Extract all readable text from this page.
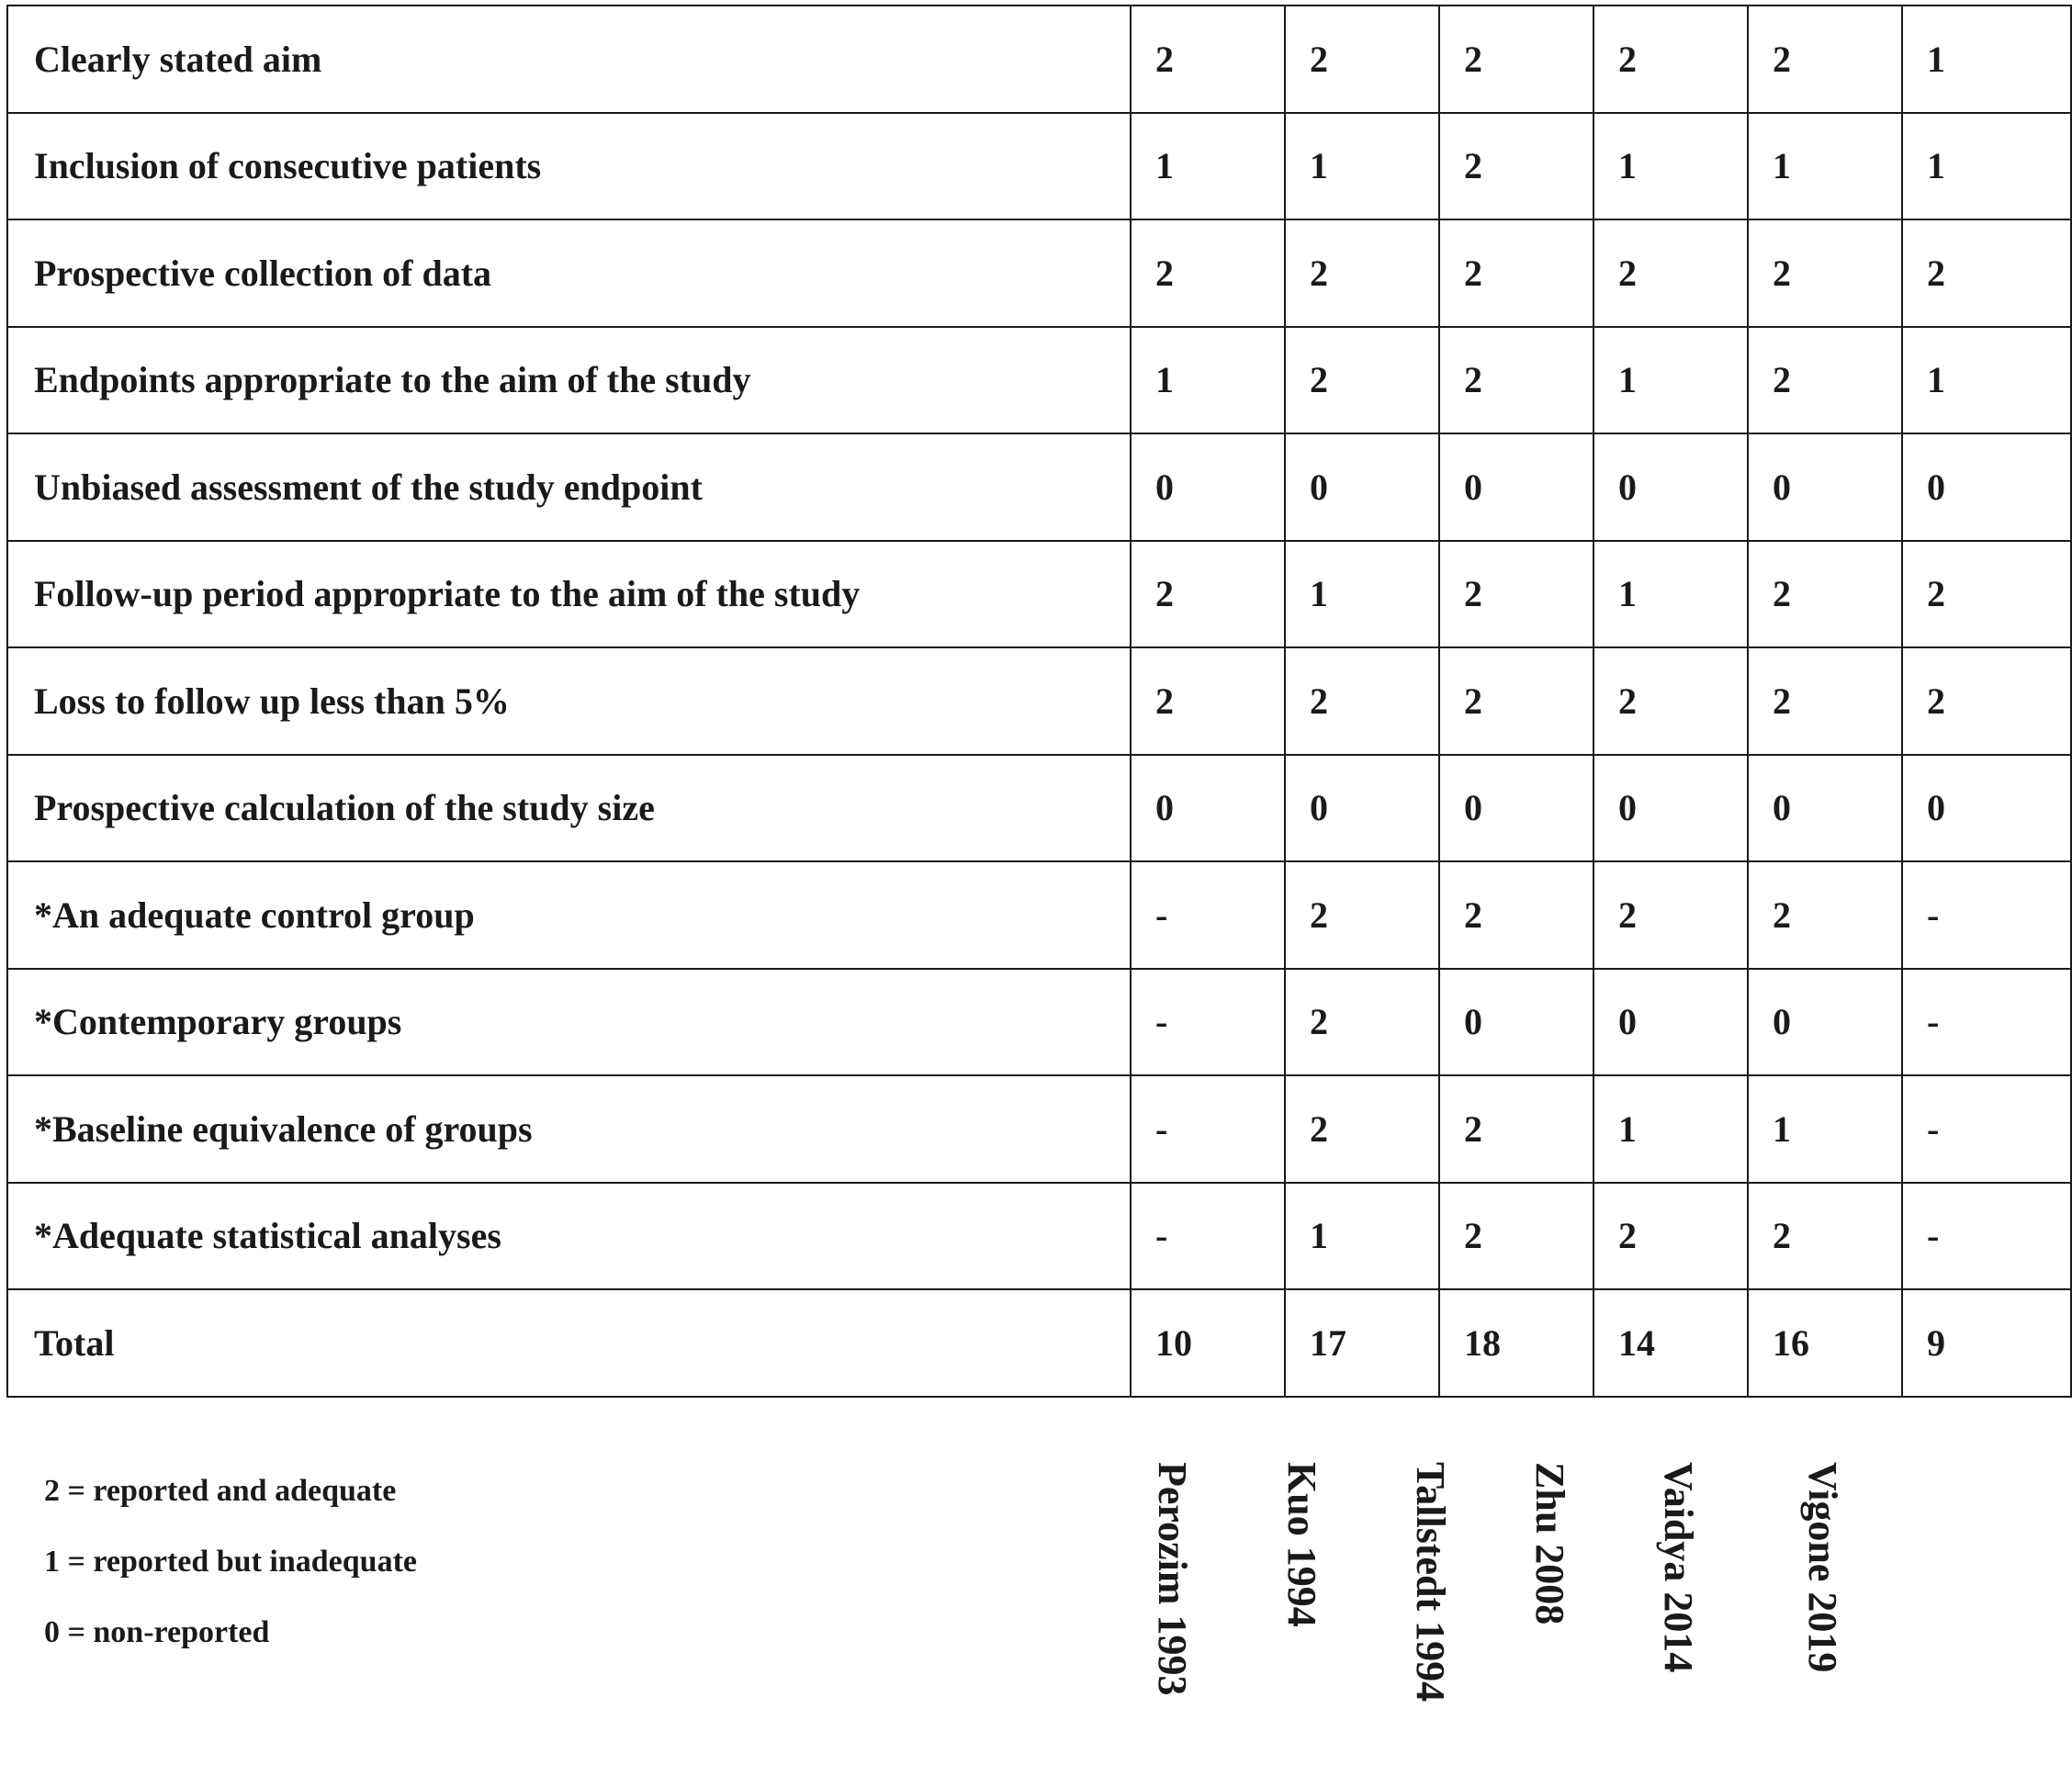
Clearly stated aim	2	2	2	2	2	1
Inclusion of consecutive patients	1	1	2	1	1	1
Prospective collection of data	2	2	2	2	2	2
Endpoints appropriate to the aim of the study	1	2	2	1	2	1
Unbiased assessment of the study endpoint	0	0	0	0	0	0
Follow-up period appropriate to the aim of the study	2	1	2	1	2	2
Loss to follow up less than 5%	2	2	2	2	2	2
Prospective calculation of the study size	0	0	0	0	0	0
*An adequate control group	-	2	2	2	2	-
*Contemporary groups	-	2	0	0	0	-
*Baseline equivalence of groups	-	2	2	1	1	-
*Adequate statistical analyses	-	1	2	2	2	-
Total	10	17	18	14	16	9
2 = reported and adequate
1 = reported but inadequate
0 = non-reported	Perozim 1993 Kuo 1994 Tallstedt 1994 Zhu 2008 Vaidya 2014 Vigone 2019
